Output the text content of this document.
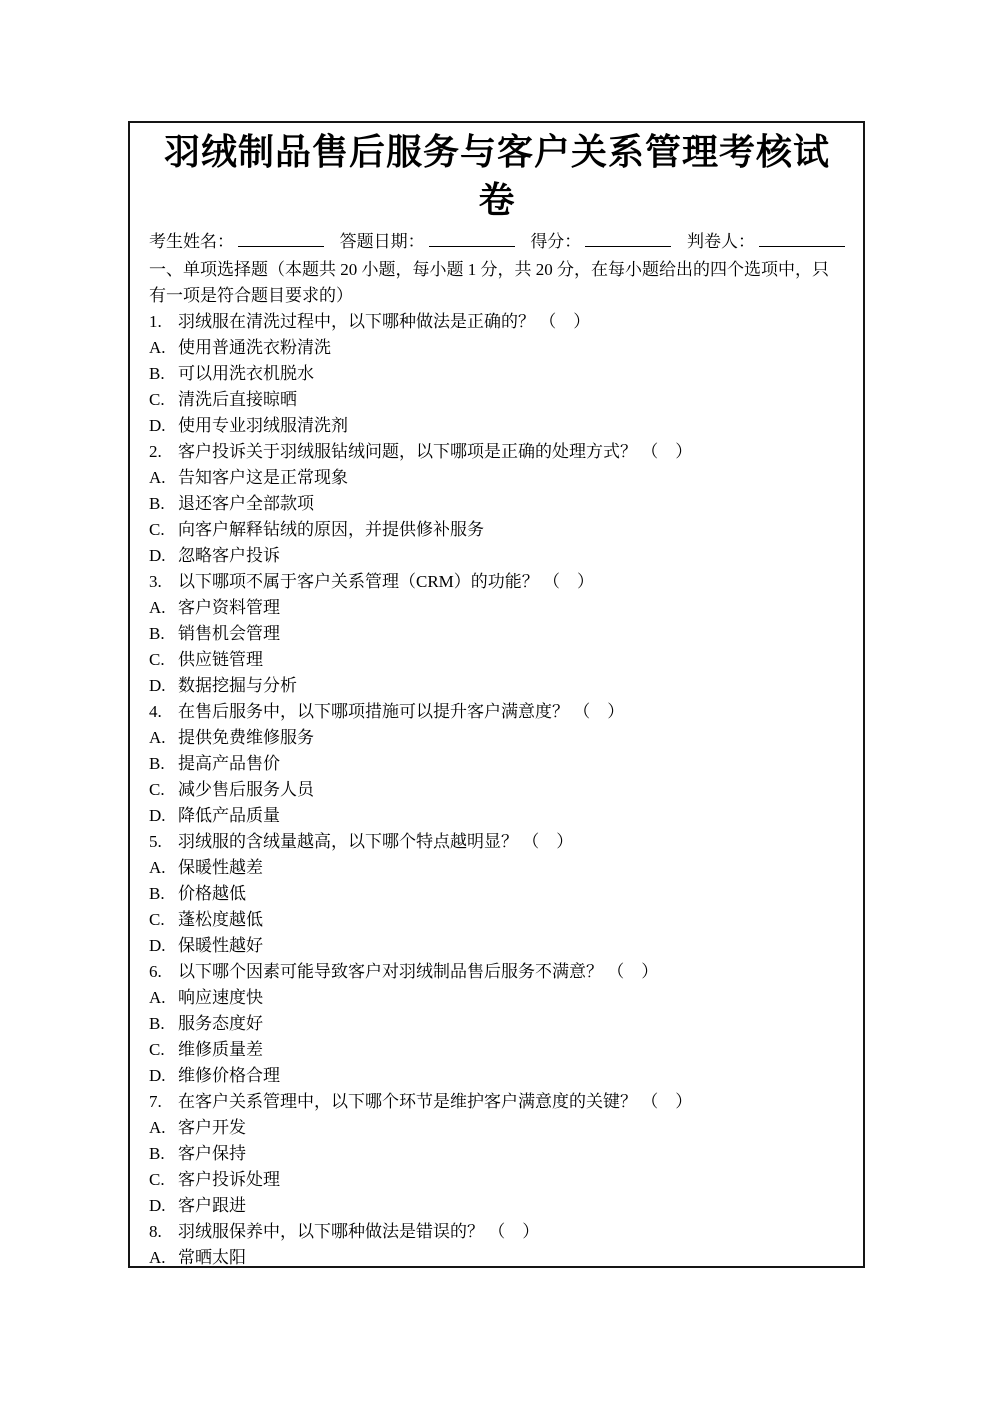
羽绒制品售后服务与客户关系管理考核试卷
考生姓名：	答题日期：	得分：	判卷人：
一、单项选择题（本题共 20 小题，每小题 1 分，共 20 分，在每小题给出的四个选项中，只有一项是符合题目要求的）
1. 羽绒服在清洗过程中，以下哪种做法是正确的？ （　）
A. 使用普通洗衣粉清洗
B. 可以用洗衣机脱水
C. 清洗后直接晾晒
D. 使用专业羽绒服清洗剂
2. 客户投诉关于羽绒服钻绒问题，以下哪项是正确的处理方式？ （　）
A. 告知客户这是正常现象
B. 退还客户全部款项
C. 向客户解释钻绒的原因，并提供修补服务
D. 忽略客户投诉
3. 以下哪项不属于客户关系管理（CRM）的功能？ （　）
A. 客户资料管理
B. 销售机会管理
C. 供应链管理
D. 数据挖掘与分析
4. 在售后服务中，以下哪项措施可以提升客户满意度？ （　）
A. 提供免费维修服务
B. 提高产品售价
C. 减少售后服务人员
D. 降低产品质量
5. 羽绒服的含绒量越高，以下哪个特点越明显？ （　）
A. 保暖性越差
B. 价格越低
C. 蓬松度越低
D. 保暖性越好
6. 以下哪个因素可能导致客户对羽绒制品售后服务不满意？ （　）
A. 响应速度快
B. 服务态度好
C. 维修质量差
D. 维修价格合理
7. 在客户关系管理中，以下哪个环节是维护客户满意度的关键？ （　）
A. 客户开发
B. 客户保持
C. 客户投诉处理
D. 客户跟进
8. 羽绒服保养中，以下哪种做法是错误的？ （　）
A. 常晒太阳
